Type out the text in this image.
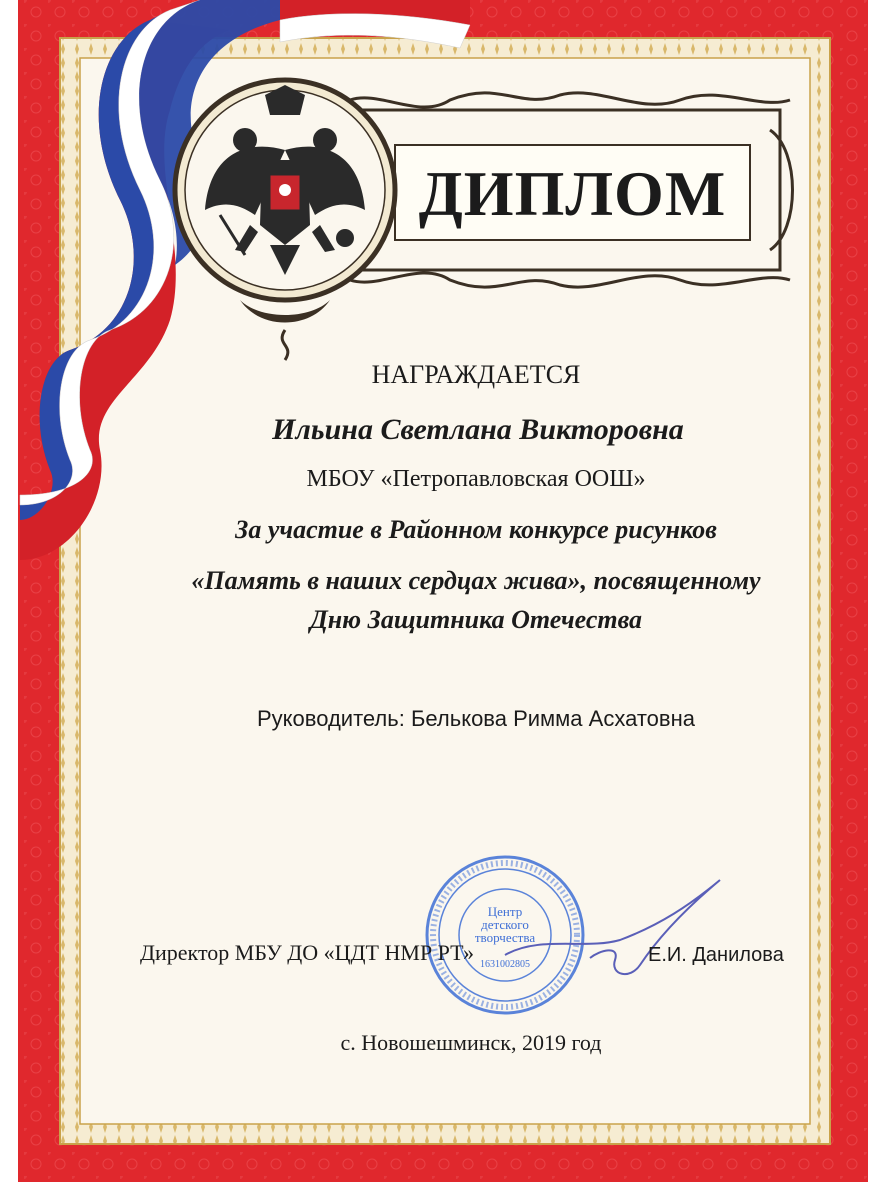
ДИПЛОМ
НАГРАЖДАЕТСЯ
Ильина Светлана Викторовна
МБОУ «Петропавловская ООШ»
За участие в Районном конкурсе рисунков
«Память в наших сердцах жива», посвященному
Дню Защитника Отечества
Руководитель: Белькова Римма Асхатовна
Центр
детского
творчества
1631002805
Директор МБУ ДО «ЦДТ НМР РТ»	Е.И. Данилова
с. Новошешминск, 2019 год
